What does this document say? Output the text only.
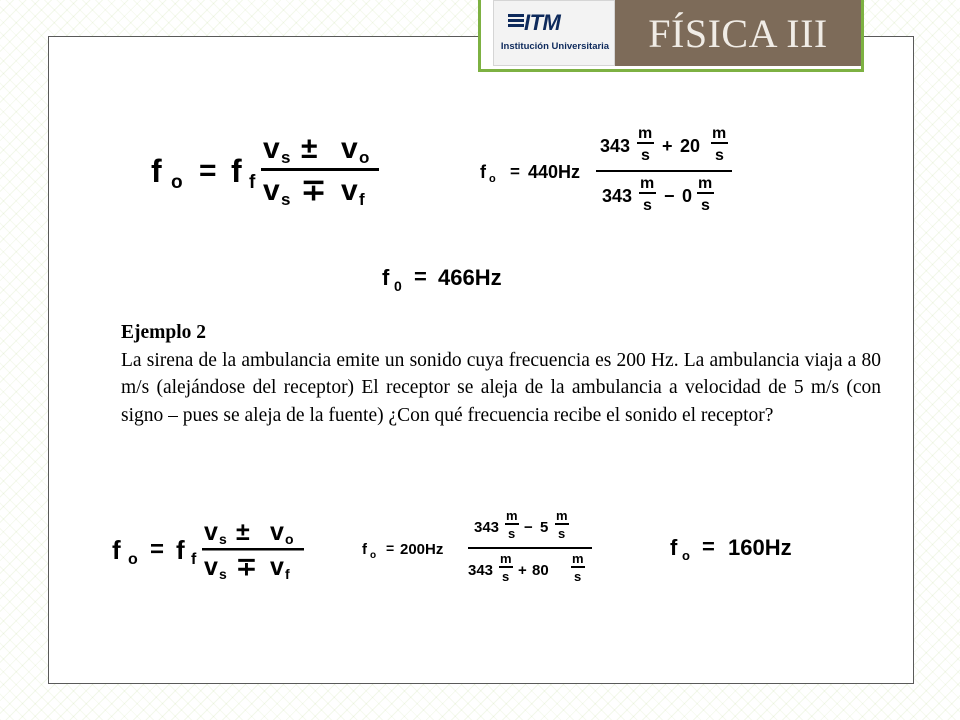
ITM
Institución Universitaria FÍSICA III
f o = f f
v s ± v o
v s ∓ v f
f o = 440Hz
343
m
s + 20
m
s
343
m
s − 0
m
s
f 0 = 466Hz
Ejemplo 2
La sirena de la ambulancia emite un sonido cuya frecuencia es 200 Hz. La ambulancia viaja a 80 m/s (alejándose del receptor) El receptor se aleja de la ambulancia a velocidad de 5 m/s (con signo – pues se aleja de la fuente) ¿Con qué frecuencia recibe el sonido el receptor?
f o = f f
v s ± v o
v s ∓ v f
f o = 200Hz
343
m
s − 5
m
s
343
m
s + 80
m
s
f o = 160Hz
